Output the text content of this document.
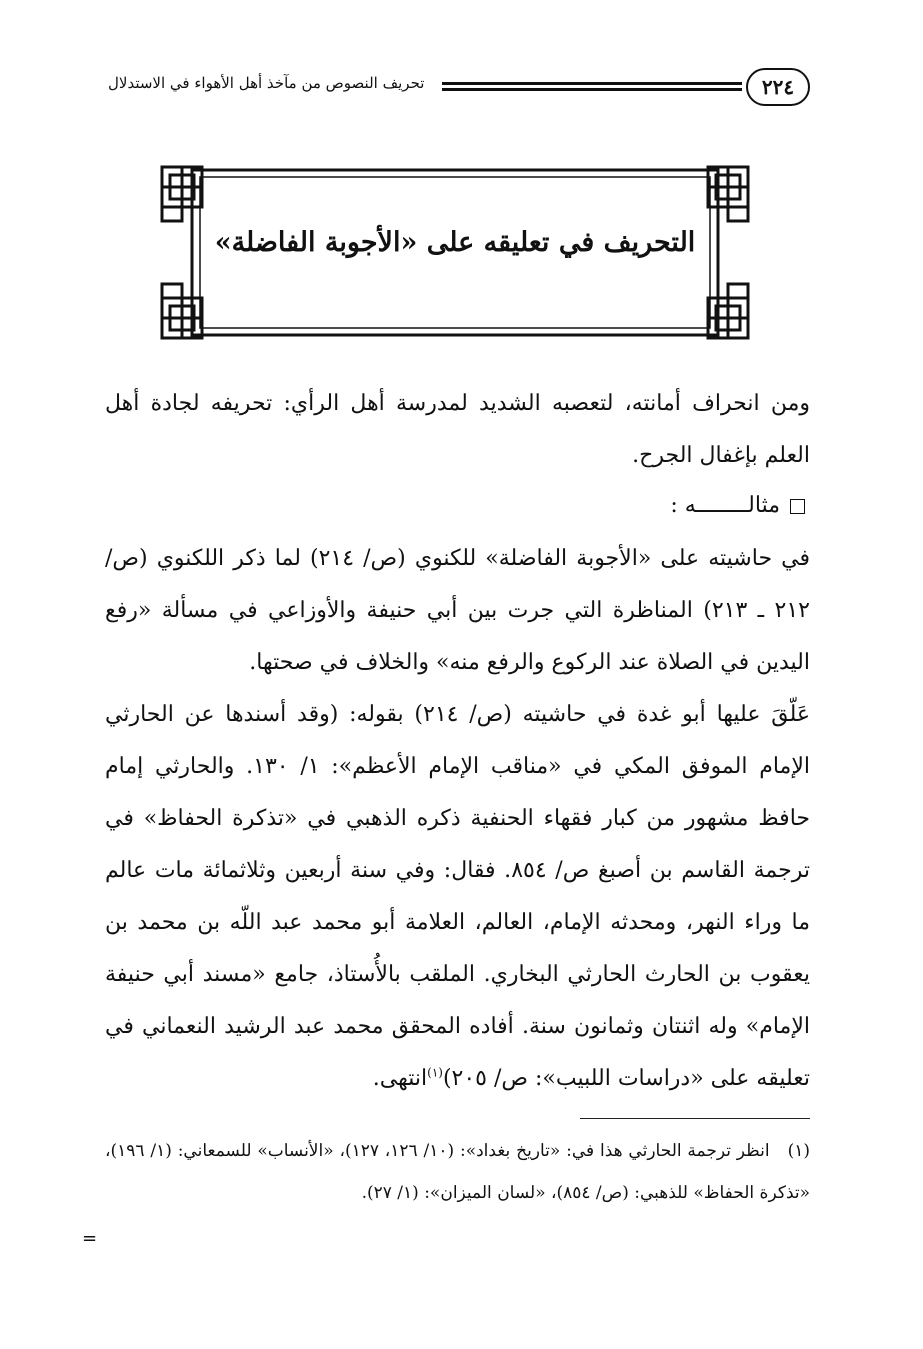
٢٢٤
تحريف النصوص من مآخذ أهل الأهواء في الاستدلال
التحريف في تعليقه على «الأجوبة الفاضلة»
ومن انحراف أمانته، لتعصبه الشديد لمدرسة أهل الرأي: تحريفه لجادة أهل العلم بإغفال الجرح.
مثالــــــــه :

في حاشيته على «الأجوبة الفاضلة» للكنوي (ص/ ٢١٤) لما ذكر اللكنوي (ص/ ٢١٢ ـ ٢١٣) المناظرة التي جرت بين أبي حنيفة والأوزاعي في مسألة «رفع اليدين في الصلاة عند الركوع والرفع منه» والخلاف في صحتها.

عَلّقَ عليها أبو غدة في حاشيته (ص/ ٢١٤) بقوله: (وقد أسندها عن الحارثي الإمام الموفق المكي في «مناقب الإمام الأعظم»: ١/ ١٣٠. والحارثي إمام حافظ مشهور من كبار فقهاء الحنفية ذكره الذهبي في «تذكرة الحفاظ» في ترجمة القاسم بن أصبغ ص/ ٨٥٤. فقال: وفي سنة أربعين وثلاثمائة مات عالم ما وراء النهر، ومحدثه الإمام، العالم، العلامة أبو محمد عبد اللّه بن محمد بن يعقوب بن الحارث الحارثي البخاري. الملقب بالأُستاذ، جامع «مسند أبي حنيفة الإمام» وله اثنتان وثمانون سنة. أفاده المحقق محمد عبد الرشيد النعماني في تعليقه على «دراسات اللبيب»: ص/ ٢٠٥)$^{(١)}$انتهى.

(١)انظر ترجمة الحارثي هذا في: «تاريخ بغداد»: (١٠/ ١٢٦، ١٢٧)، «الأنساب» للسمعاني: (١/ ١٩٦)، «تذكرة الحفاظ» للذهبي: (ص/ ٨٥٤)، «لسان الميزان»: (١/ ٢٧).
=
